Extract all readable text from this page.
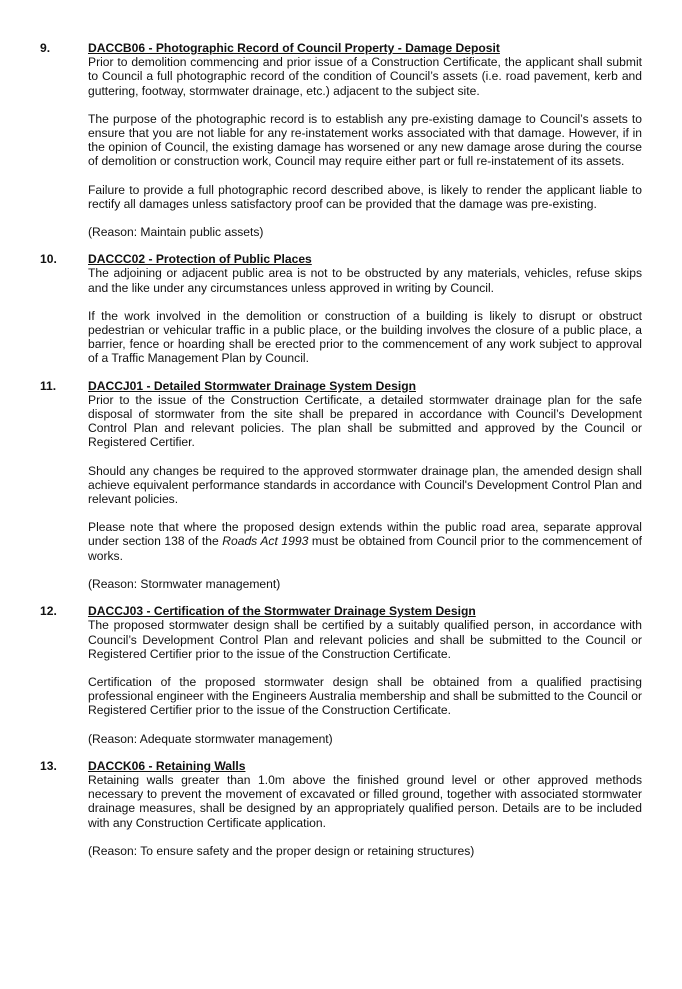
9.	DACCB06 - Photographic Record of Council Property - Damage Deposit

Prior to demolition commencing and prior issue of a Construction Certificate, the applicant shall submit to Council a full photographic record of the condition of Council’s assets (i.e. road pavement, kerb and guttering, footway, stormwater drainage, etc.) adjacent to the subject site.

The purpose of the photographic record is to establish any pre-existing damage to Council’s assets to ensure that you are not liable for any re-instatement works associated with that damage. However, if in the opinion of Council, the existing damage has worsened or any new damage arose during the course of demolition or construction work, Council may require either part or full re-instatement of its assets.

Failure to provide a full photographic record described above, is likely to render the applicant liable to rectify all damages unless satisfactory proof can be provided that the damage was pre-existing.

(Reason: Maintain public assets)

10.	DACCC02 - Protection of Public Places

The adjoining or adjacent public area is not to be obstructed by any materials, vehicles, refuse skips and the like under any circumstances unless approved in writing by Council.

If the work involved in the demolition or construction of a building is likely to disrupt or obstruct pedestrian or vehicular traffic in a public place, or the building involves the closure of a public place, a barrier, fence or hoarding shall be erected prior to the commencement of any work subject to approval of a Traffic Management Plan by Council.

11.	DACCJ01 - Detailed Stormwater Drainage System Design

Prior to the issue of the Construction Certificate, a detailed stormwater drainage plan for the safe disposal of stormwater from the site shall be prepared in accordance with Council’s Development Control Plan and relevant policies. The plan shall be submitted and approved by the Council or Registered Certifier.

Should any changes be required to the approved stormwater drainage plan, the amended design shall achieve equivalent performance standards in accordance with Council's Development Control Plan and relevant policies.

Please note that where the proposed design extends within the public road area, separate approval under section 138 of the Roads Act 1993 must be obtained from Council prior to the commencement of works.

(Reason: Stormwater management)

12.	DACCJ03 - Certification of the Stormwater Drainage System Design

The proposed stormwater design shall be certified by a suitably qualified person, in accordance with Council’s Development Control Plan and relevant policies and shall be submitted to the Council or Registered Certifier prior to the issue of the Construction Certificate.

Certification of the proposed stormwater design shall be obtained from a qualified practising professional engineer with the Engineers Australia membership and shall be submitted to the Council or Registered Certifier prior to the issue of the Construction Certificate.

(Reason: Adequate stormwater management)

13.	DACCK06 - Retaining Walls

Retaining walls greater than 1.0m above the finished ground level or other approved methods necessary to prevent the movement of excavated or filled ground, together with associated stormwater drainage measures, shall be designed by an appropriately qualified person. Details are to be included with any Construction Certificate application.

(Reason: To ensure safety and the proper design or retaining structures)
